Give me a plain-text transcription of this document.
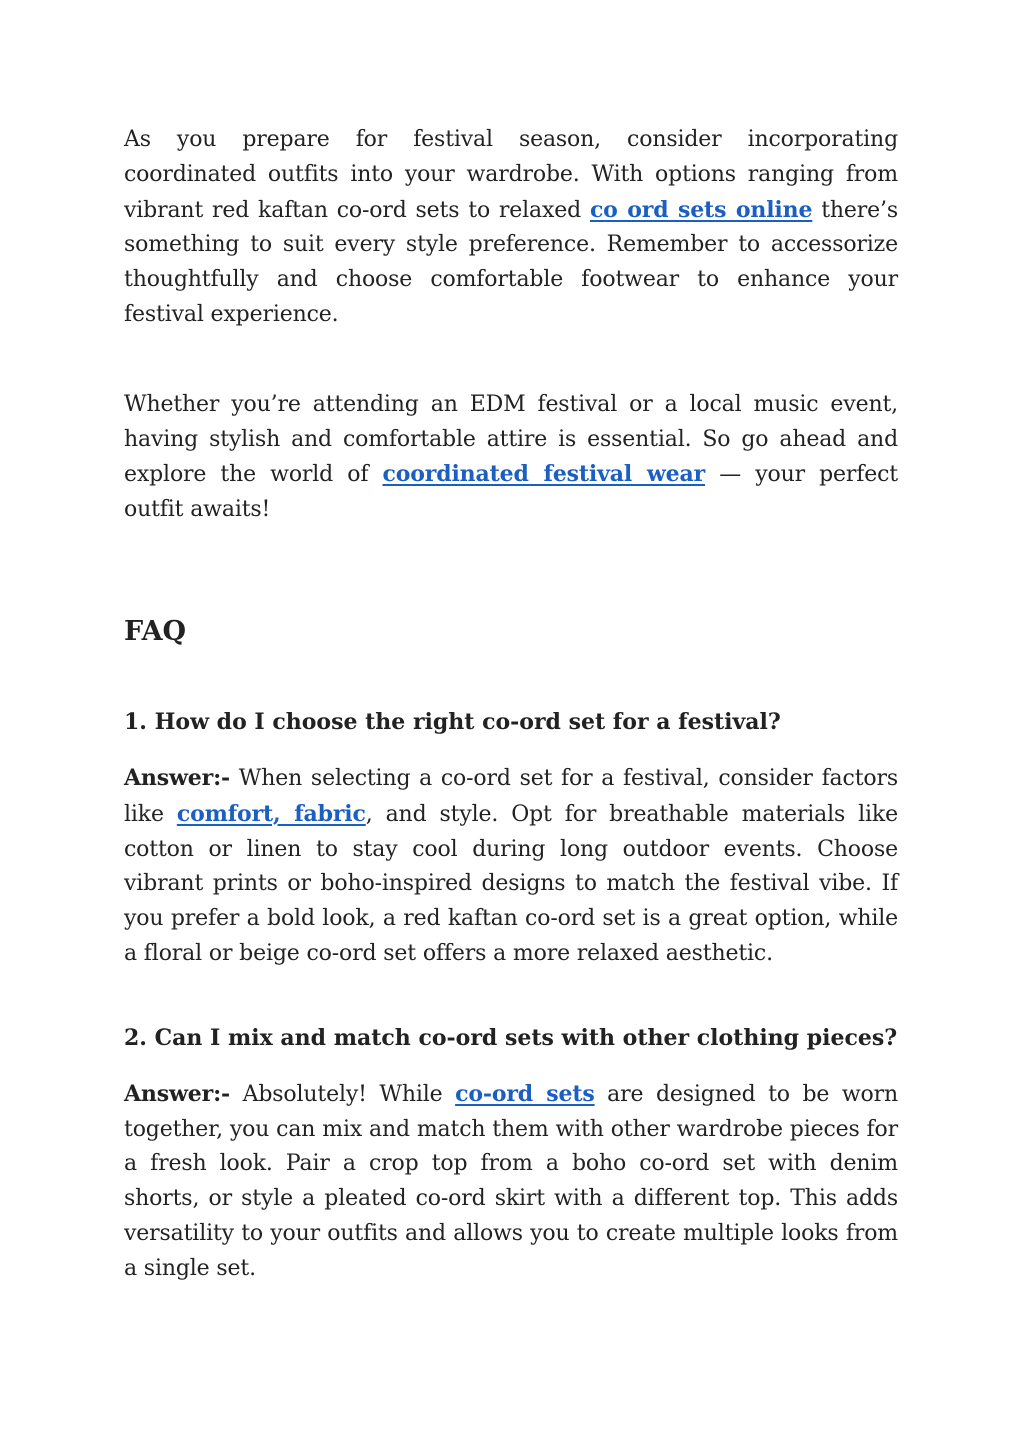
As you prepare for festival season, consider incorporating coordinated outfits into your wardrobe. With options ranging from vibrant red kaftan co-ord sets to relaxed co ord sets online there’s something to suit every style preference. Remember to accessorize thoughtfully and choose comfortable footwear to enhance your festival experience.

Whether you’re attending an EDM festival or a local music event, having stylish and comfortable attire is essential. So go ahead and explore the world of coordinated festival wear — your perfect outfit awaits!

FAQ
1. How do I choose the right co-ord set for a festival?

Answer:- When selecting a co-ord set for a festival, consider factors like comfort, fabric, and style. Opt for breathable materials like cotton or linen to stay cool during long outdoor events. Choose vibrant prints or boho-inspired designs to match the festival vibe. If you prefer a bold look, a red kaftan co-ord set is a great option, while a floral or beige co-ord set offers a more relaxed aesthetic.

2. Can I mix and match co-ord sets with other clothing pieces?

Answer:- Absolutely! While co-ord sets are designed to be worn together, you can mix and match them with other wardrobe pieces for a fresh look. Pair a crop top from a boho co-ord set with denim shorts, or style a pleated co-ord skirt with a different top. This adds versatility to your outfits and allows you to create multiple looks from a single set.
